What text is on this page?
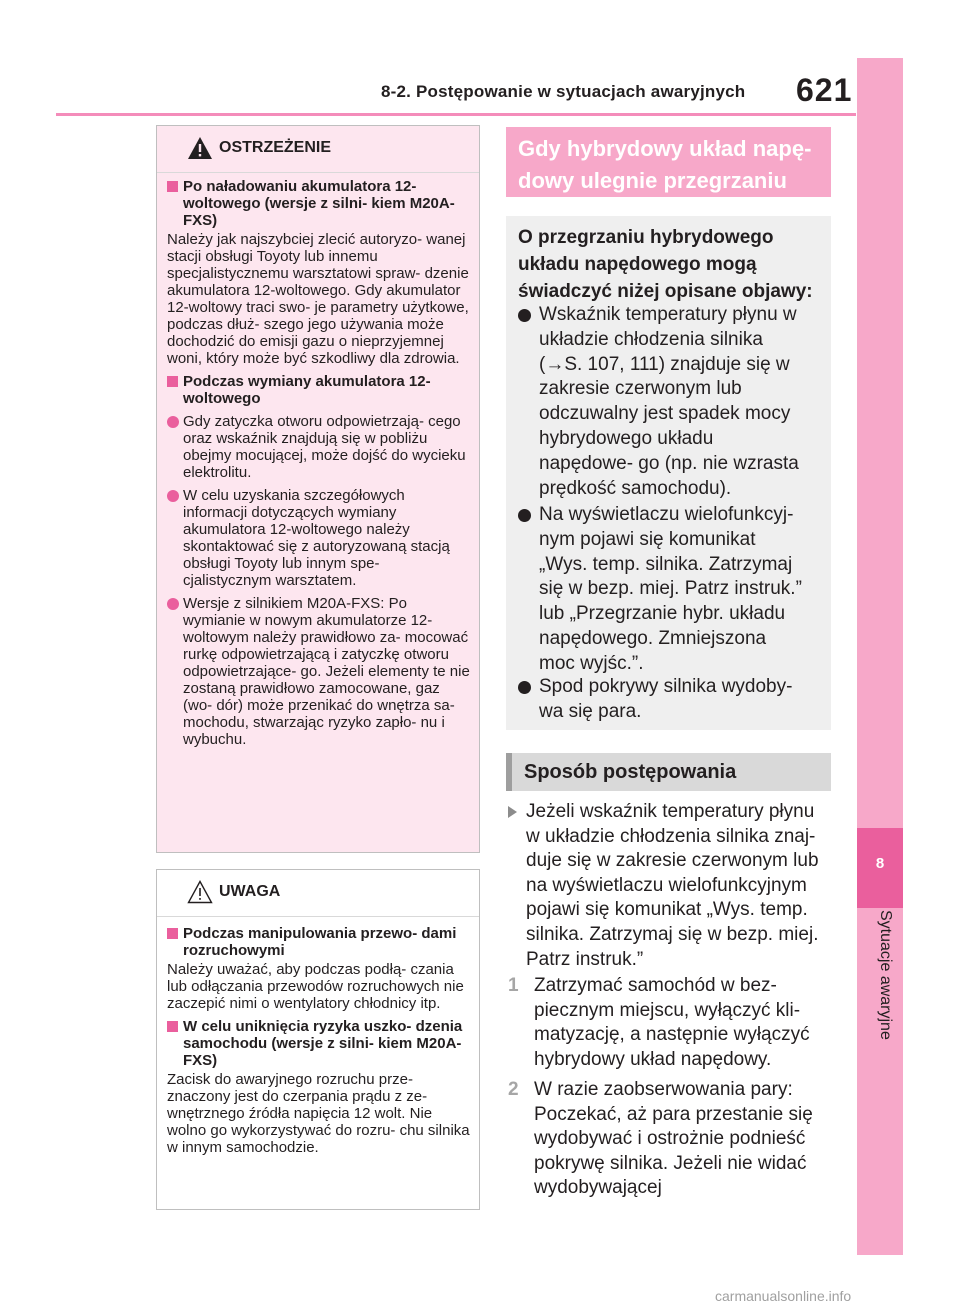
8-2. Postępowanie w sytuacjach awaryjnych 621
8
Sytuacje awaryjne
OSTRZEŻENIE

Po naładowaniu akumulatora 12-woltowego (wersje z silni- kiem M20A-FXS)

Należy jak najszybciej zlecić autoryzo- wanej stacji obsługi Toyoty lub innemu specjalistycznemu warsztatowi spraw- dzenie akumulatora 12-woltowego. Gdy akumulator 12-woltowy traci swo- je parametry użytkowe, podczas dłuż- szego jego używania może dochodzić do emisji gazu o nieprzyjemnej woni, który może być szkodliwy dla zdrowia.

Podczas wymiany akumulatora 12-woltowego

Gdy zatyczka otworu odpowietrzają- cego oraz wskaźnik znajdują się w pobliżu obejmy mocującej, może dojść do wycieku elektrolitu.

W celu uzyskania szczegółowych informacji dotyczących wymiany akumulatora 12-woltowego należy skontaktować się z autoryzowaną stacją obsługi Toyoty lub innym spe- cjalistycznym warsztatem.

Wersje z silnikiem M20A-FXS: Po wymianie w nowym akumulatorze 12-woltowym należy prawidłowo za- mocować rurkę odpowietrzającą i zatyczkę otworu odpowietrzające- go. Jeżeli elementy te nie zostaną prawidłowo zamocowane, gaz (wo- dór) może przenikać do wnętrza sa- mochodu, stwarzając ryzyko zapło- nu i wybuchu.

UWAGA

Podczas manipulowania przewo- dami rozruchowymi

Należy uważać, aby podczas podłą- czania lub odłączania przewodów rozruchowych nie zaczepić nimi o wentylatory chłodnicy itp.

W celu uniknięcia ryzyka uszko- dzenia samochodu (wersje z silni- kiem M20A-FXS)

Zacisk do awaryjnego rozruchu prze- znaczony jest do czerpania prądu z ze- wnętrznego źródła napięcia 12 wolt. Nie wolno go wykorzystywać do rozru- chu silnika w innym samochodzie.

Gdy hybrydowy układ napę- dowy ulegnie przegrzaniu
O przegrzaniu hybrydowego układu napędowego mogą świadczyć niżej opisane objawy:
Wskaźnik temperatury płynu w układzie chłodzenia silnika (→S. 107, 111) znajduje się w zakresie czerwonym lub odczuwalny jest spadek mocy hybrydowego układu napędowe- go (np. nie wzrasta prędkość samochodu).
Na wyświetlaczu wielofunkcyj- nym pojawi się komunikat „Wys. temp. silnika. Zatrzymaj się w bezp. miej. Patrz instruk.” lub „Przegrzanie hybr. układu napędowego. Zmniejszona moc wyjśc.”.
Spod pokrywy silnika wydoby- wa się para.
Sposób postępowania
Jeżeli wskaźnik temperatury płynu w układzie chłodzenia silnika znaj- duje się w zakresie czerwonym lub na wyświetlaczu wielofunkcyjnym pojawi się komunikat „Wys. temp. silnika. Zatrzymaj się w bezp. miej. Patrz instruk.”
1 Zatrzymać samochód w bez- piecznym miejscu, wyłączyć kli- matyzację, a następnie wyłączyć hybrydowy układ napędowy.
2 W razie zaobserwowania pary: Poczekać, aż para przestanie się wydobywać i ostrożnie podnieść pokrywę silnika. Jeżeli nie widać wydobywającej
carmanualsonline.info
